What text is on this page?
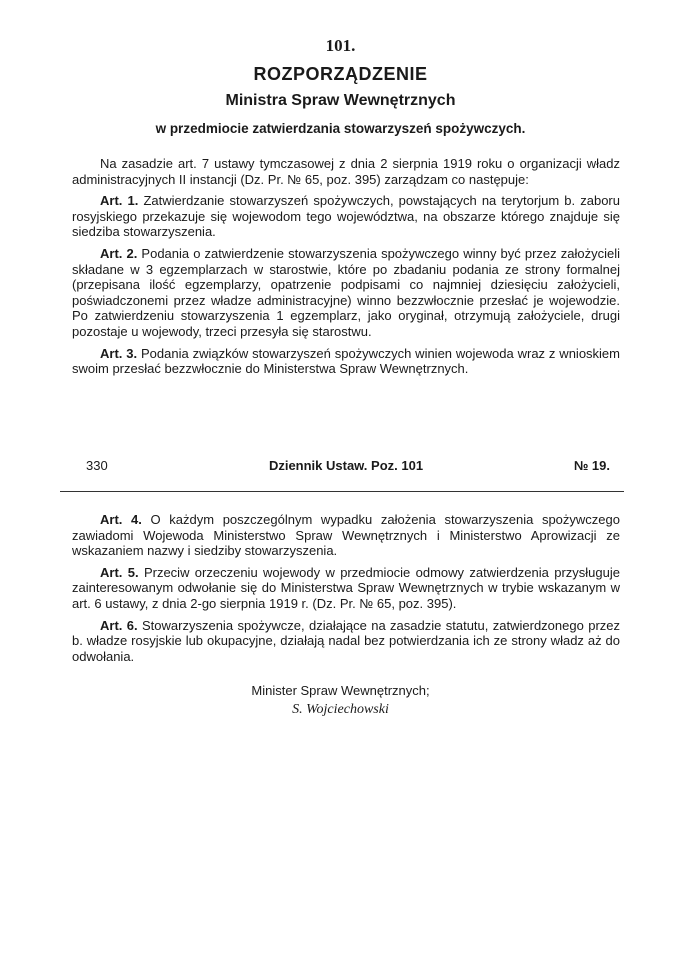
101.
ROZPORZĄDZENIE
Ministra Spraw Wewnętrznych
w przedmiocie zatwierdzania stowarzyszeń spożywczych.

Na zasadzie art. 7 ustawy tymczasowej z dnia 2 sierpnia 1919 roku o organizacji władz administracyjnych II instancji (Dz. Pr. № 65, poz. 395) zarządzam co następuje:

Art. 1. Zatwierdzanie stowarzyszeń spożywczych, powstających na terytorjum b. zaboru rosyjskiego przekazuje się wojewodom tego województwa, na obszarze którego znajduje się siedziba stowarzyszenia.

Art. 2. Podania o zatwierdzenie stowarzyszenia spożywczego winny być przez założycieli składane w 3 egzemplarzach w starostwie, które po zbadaniu podania ze strony formalnej (przepisana ilość egzemplarzy, opatrzenie podpisami co najmniej dziesięciu założycieli, poświadczonemi przez władze administracyjne) winno bezzwłocznie przesłać je wojewodzie. Po zatwierdzeniu stowarzyszenia 1 egzemplarz, jako oryginał, otrzymują założyciele, drugi pozostaje u wojewody, trzeci przesyła się starostwu.

Art. 3. Podania związków stowarzyszeń spożywczych winien wojewoda wraz z wnioskiem swoim przesłać bezzwłocznie do Ministerstwa Spraw Wewnętrznych.

330	Dziennik Ustaw. Poz. 101	№ 19.

Art. 4. O każdym poszczególnym wypadku założenia stowarzyszenia spożywczego zawiadomi Wojewoda Ministerstwo Spraw Wewnętrznych i Ministerstwo Aprowizacji ze wskazaniem nazwy i siedziby stowarzyszenia.

Art. 5. Przeciw orzeczeniu wojewody w przedmiocie odmowy zatwierdzenia przysługuje zainteresowanym odwołanie się do Ministerstwa Spraw Wewnętrznych w trybie wskazanym w art. 6 ustawy, z dnia 2-go sierpnia 1919 r. (Dz. Pr. № 65, poz. 395).

Art. 6. Stowarzyszenia spożywcze, działające na zasadzie statutu, zatwierdzonego przez b. władze rosyjskie lub okupacyjne, działają nadal bez potwierdzania ich ze strony władz aż do odwołania.

Minister Spraw Wewnętrznych;
S. Wojciechowski
